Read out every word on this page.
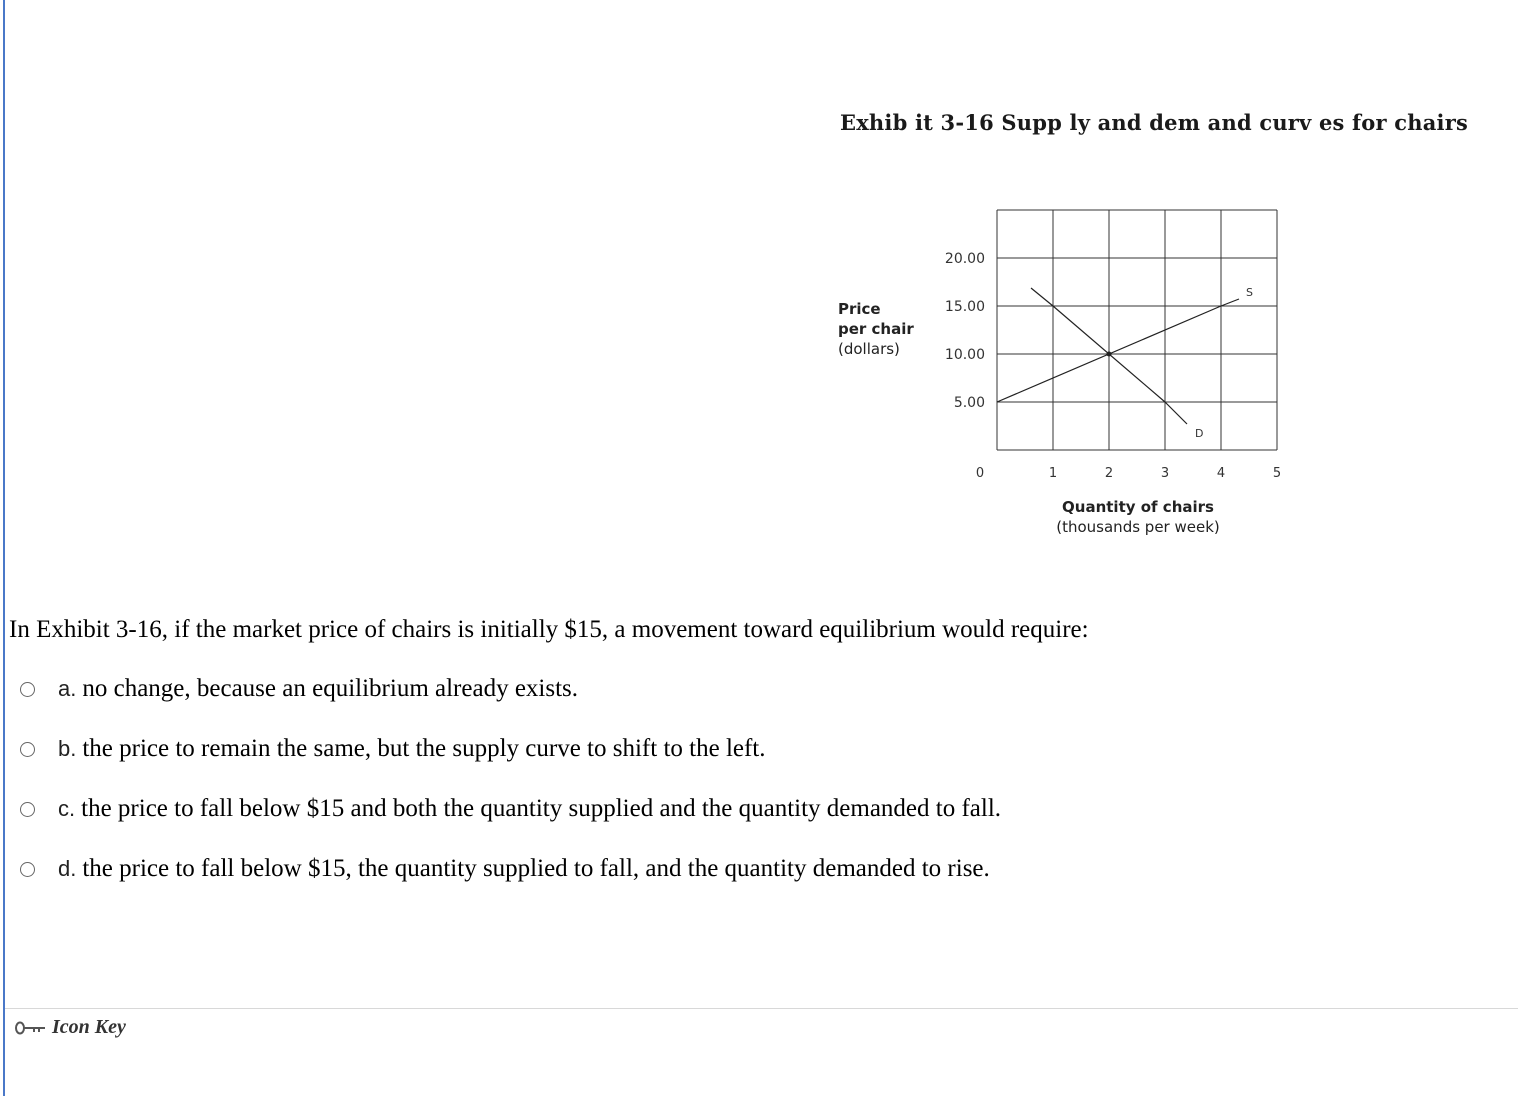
Exhib it 3-16 Supp ly and dem and curv es for chairs
20.00
15.00
10.00
5.00
0	1	2	3	4	5
Price
per chair
(dollars)
Quantity of chairs
(thousands per week)
S
D
In Exhibit 3-16, if the market price of chairs is initially $15, a movement toward equilibrium would require:
a. no change, because an equilibrium already exists.
b. the price to remain the same, but the supply curve to shift to the left.
c. the price to fall below $15 and both the quantity supplied and the quantity demanded to fall.
d. the price to fall below $15, the quantity supplied to fall, and the quantity demanded to rise.
Icon Key
